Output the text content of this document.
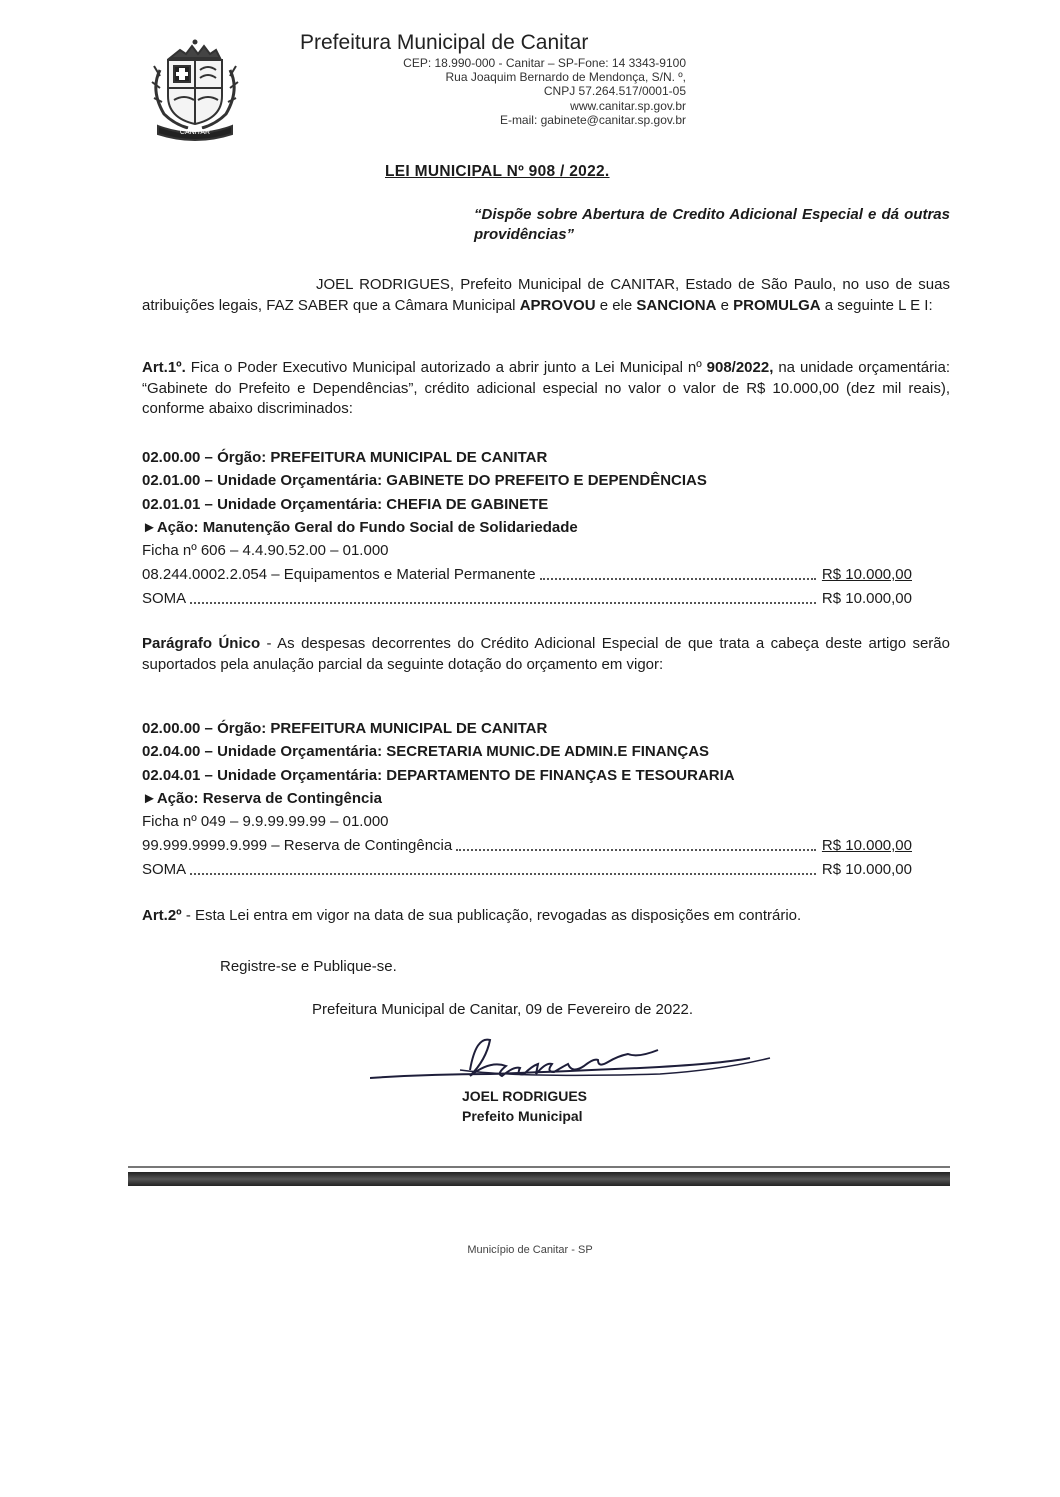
CANITAR
Prefeitura Municipal de Canitar
CEP: 18.990-000 - Canitar – SP-Fone: 14 3343-9100
Rua Joaquim Bernardo de Mendonça, S/N. º,
CNPJ 57.264.517/0001-05
www.canitar.sp.gov.br
E-mail: gabinete@canitar.sp.gov.br
LEI MUNICIPAL Nº 908 / 2022.
“Dispõe sobre Abertura de Credito Adicional Especial e dá outras providências”
JOEL RODRIGUES, Prefeito Municipal de CANITAR, Estado de São Paulo, no uso de suas atribuições legais, FAZ SABER que a Câmara Municipal APROVOU e ele SANCIONA e PROMULGA a seguinte L E I:
Art.1º. Fica o Poder Executivo Municipal autorizado a abrir junto a Lei Municipal nº 908/2022, na unidade orçamentária: “Gabinete do Prefeito e Dependências”, crédito adicional especial no valor o valor de R$ 10.000,00 (dez mil reais), conforme abaixo discriminados:
02.00.00 – Órgão: PREFEITURA MUNICIPAL DE CANITAR
02.01.00 – Unidade Orçamentária: GABINETE DO PREFEITO E DEPENDÊNCIAS
02.01.01 – Unidade Orçamentária: CHEFIA DE GABINETE
►Ação: Manutenção Geral do Fundo Social de Solidariedade
Ficha nº 606 – 4.4.90.52.00 – 01.000
08.244.0002.2.054 – Equipamentos e Material Permanente	R$ 10.000,00
SOMA	R$ 10.000,00
Parágrafo Único - As despesas decorrentes do Crédito Adicional Especial de que trata a cabeça deste artigo serão suportados pela anulação parcial da seguinte dotação do orçamento em vigor:
02.00.00 – Órgão: PREFEITURA MUNICIPAL DE CANITAR
02.04.00 – Unidade Orçamentária: SECRETARIA MUNIC.DE ADMIN.E FINANÇAS
02.04.01 – Unidade Orçamentária: DEPARTAMENTO DE FINANÇAS E TESOURARIA
►Ação: Reserva de Contingência
Ficha nº 049 – 9.9.99.99.99 – 01.000
99.999.9999.9.999 – Reserva de Contingência	R$ 10.000,00
SOMA	R$ 10.000,00
Art.2º - Esta Lei entra em vigor na data de sua publicação, revogadas as disposições em contrário.
Registre-se e Publique-se.
Prefeitura Municipal de Canitar, 09 de Fevereiro de 2022.
JOEL RODRIGUES
Prefeito Municipal
Município de Canitar - SP
